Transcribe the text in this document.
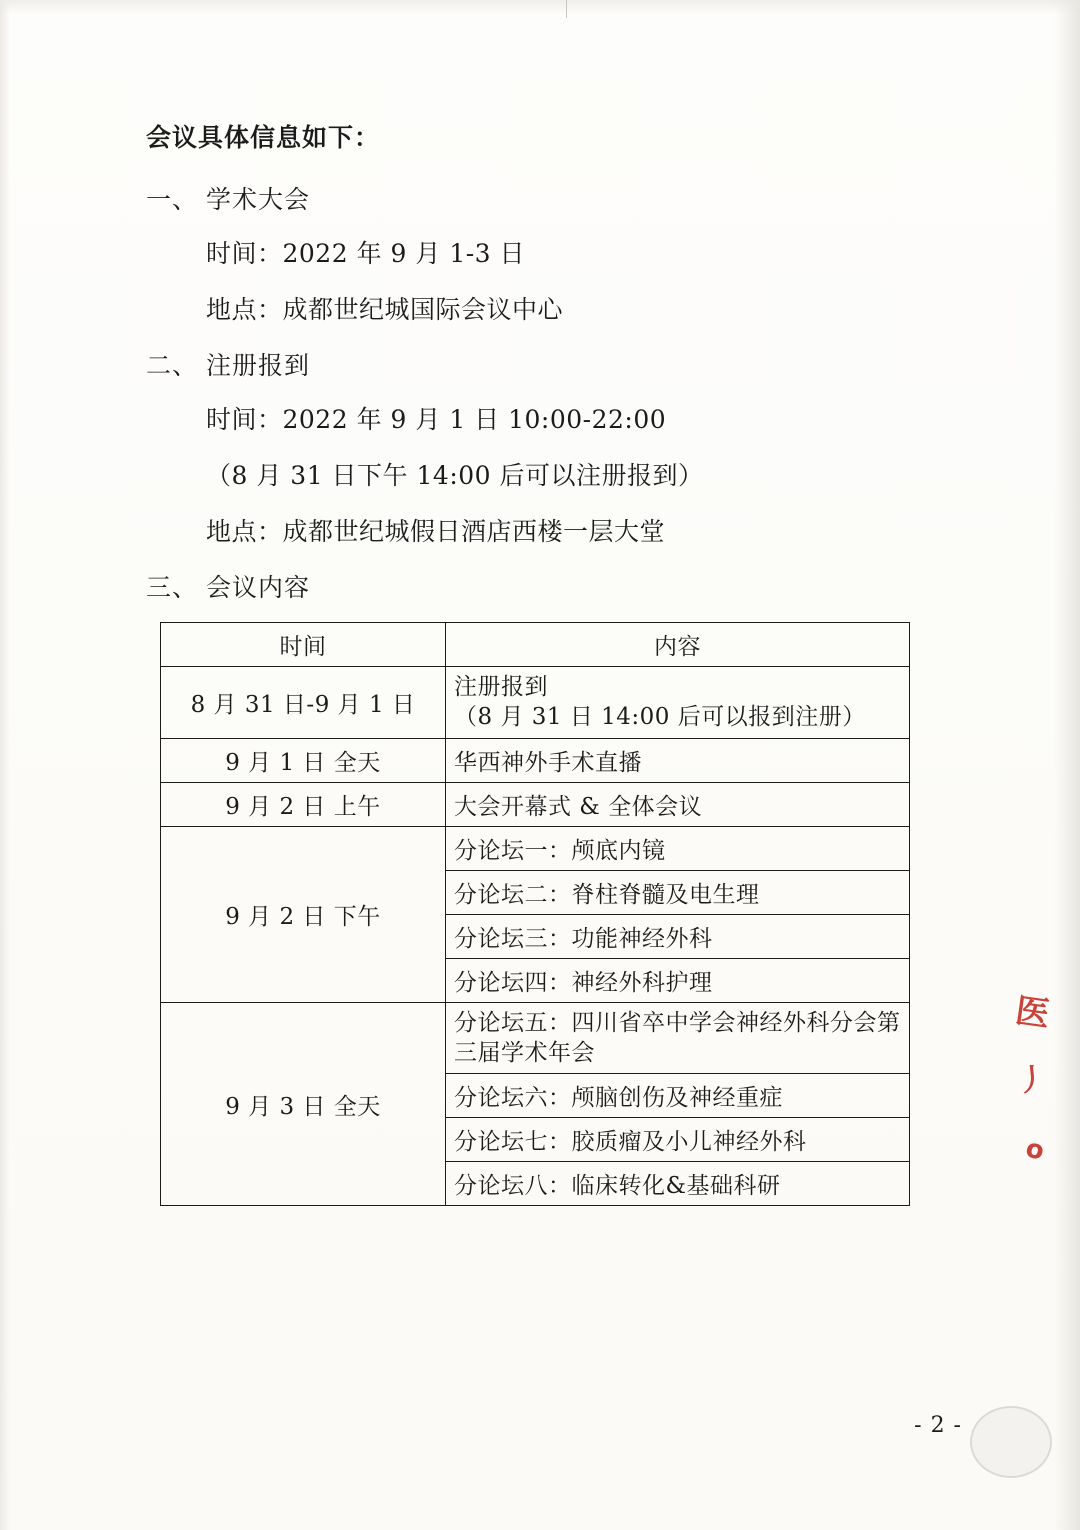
会议具体信息如下：
一、 学术大会
时间：2022 年 9 月 1-3 日
地点：成都世纪城国际会议中心
二、 注册报到
时间：2022 年 9 月 1 日 10:00-22:00
（8 月 31 日下午 14:00 后可以注册报到）
地点：成都世纪城假日酒店西楼一层大堂
三、 会议内容
时间	内容
8 月 31 日-9 月 1 日	注册报到
（8 月 31 日 14:00 后可以报到注册）

9 月 1 日 全天	华西神外手术直播
9 月 2 日 上午	大会开幕式 & 全体会议
9 月 2 日 下午	分论坛一：颅底内镜
	分论坛二：脊柱脊髓及电生理
	分论坛三：功能神经外科
	分论坛四：神经外科护理
9 月 3 日 全天	分论坛五：四川省卒中学会神经外科分会第三届学术年会
	分论坛六：颅脑创伤及神经重症
	分论坛七：胶质瘤及小儿神经外科
	分论坛八：临床转化&基础科研
医
丿
о
- 2 -
